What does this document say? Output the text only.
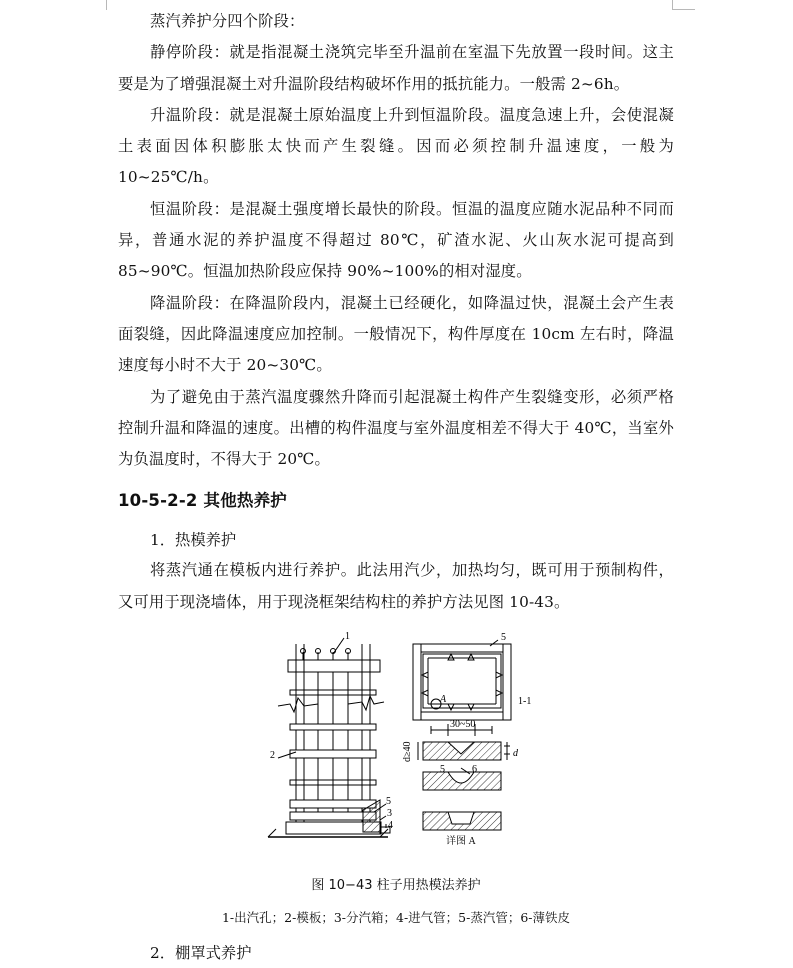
蒸汽养护分四个阶段：

静停阶段：就是指混凝土浇筑完毕至升温前在室温下先放置一段时间。这主要是为了增强混凝土对升温阶段结构破坏作用的抵抗能力。一般需 2~6h。

升温阶段：就是混凝土原始温度上升到恒温阶段。温度急速上升，会使混凝土表面因体积膨胀太快而产生裂缝。因而必须控制升温速度，一般为 10~25℃/h。

恒温阶段：是混凝土强度增长最快的阶段。恒温的温度应随水泥品种不同而异，普通水泥的养护温度不得超过 80℃，矿渣水泥、火山灰水泥可提高到 85~90℃。恒温加热阶段应保持 90%~100%的相对湿度。

降温阶段：在降温阶段内，混凝土已经硬化，如降温过快，混凝土会产生表面裂缝，因此降温速度应加控制。一般情况下，构件厚度在 10cm 左右时，降温速度每小时不大于 20~30℃。

为了避免由于蒸汽温度骤然升降而引起混凝土构件产生裂缝变形，必须严格控制升温和降温的速度。出槽的构件温度与室外温度相差不得大于 40℃，当室外为负温度时，不得大于 20℃。

10-5-2-2 其他热养护

1．热模养护

将蒸汽通在模板内进行养护。此法用汽少，加热均匀，既可用于预制构件，又可用于现浇墙体，用于现浇框架结构柱的养护方法见图 10-43。

1
2
5
3
4
5
1-1
A
30~50
d≥40	d
5	6
详图 A
图 10−43 柱子用热模法养护
1-出汽孔；2-模板；3-分汽箱；4-进气管；5-蒸汽管；6-薄铁皮

2．棚罩式养护
